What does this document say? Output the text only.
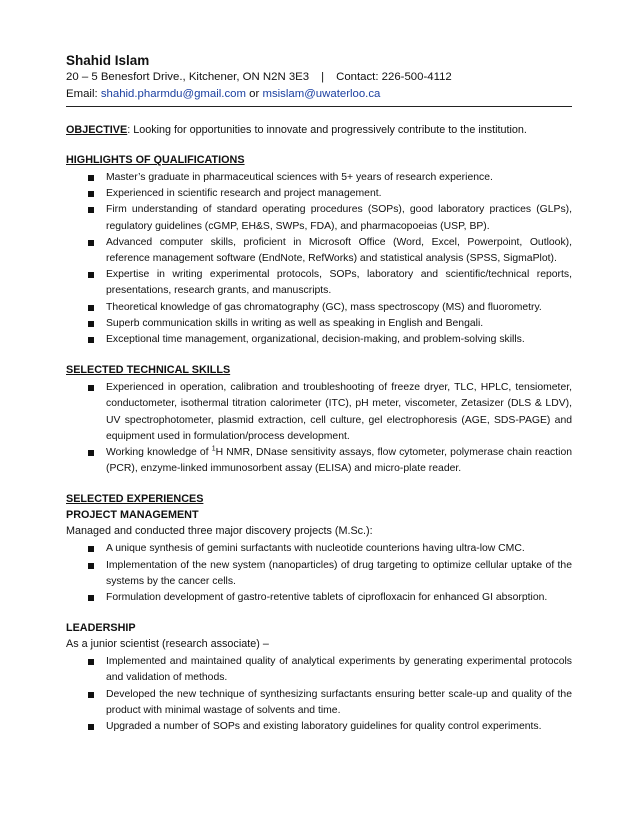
Shahid Islam
20 – 5 Benesfort Drive., Kitchener, ON N2N 3E3 | Contact: 226-500-4112
Email: shahid.pharmdu@gmail.com or msislam@uwaterloo.ca
OBJECTIVE: Looking for opportunities to innovate and progressively contribute to the institution.
HIGHLIGHTS OF QUALIFICATIONS
Master’s graduate in pharmaceutical sciences with 5+ years of research experience.
Experienced in scientific research and project management.
Firm understanding of standard operating procedures (SOPs), good laboratory practices (GLPs), regulatory guidelines (cGMP, EH&S, SWPs, FDA), and pharmacopoeias (USP, BP).
Advanced computer skills, proficient in Microsoft Office (Word, Excel, Powerpoint, Outlook), reference management software (EndNote, RefWorks) and statistical analysis (SPSS, SigmaPlot).
Expertise in writing experimental protocols, SOPs, laboratory and scientific/technical reports, presentations, research grants, and manuscripts.
Theoretical knowledge of gas chromatography (GC), mass spectroscopy (MS) and fluorometry.
Superb communication skills in writing as well as speaking in English and Bengali.
Exceptional time management, organizational, decision-making, and problem-solving skills.
SELECTED TECHNICAL SKILLS
Experienced in operation, calibration and troubleshooting of freeze dryer, TLC, HPLC, tensiometer, conductometer, isothermal titration calorimeter (ITC), pH meter, viscometer, Zetasizer (DLS & LDV), UV spectrophotometer, plasmid extraction, cell culture, gel electrophoresis (AGE, SDS-PAGE) and equipment used in formulation/process development.
Working knowledge of $^1$H NMR, DNase sensitivity assays, flow cytometer, polymerase chain reaction (PCR), enzyme-linked immunosorbent assay (ELISA) and micro-plate reader.
SELECTED EXPERIENCES
PROJECT MANAGEMENT
Managed and conducted three major discovery projects (M.Sc.):
A unique synthesis of gemini surfactants with nucleotide counterions having ultra-low CMC.
Implementation of the new system (nanoparticles) of drug targeting to optimize cellular uptake of the systems by the cancer cells.
Formulation development of gastro-retentive tablets of ciprofloxacin for enhanced GI absorption.
LEADERSHIP
As a junior scientist (research associate) –
Implemented and maintained quality of analytical experiments by generating experimental protocols and validation of methods.
Developed the new technique of synthesizing surfactants ensuring better scale-up and quality of the product with minimal wastage of solvents and time.
Upgraded a number of SOPs and existing laboratory guidelines for quality control experiments.
